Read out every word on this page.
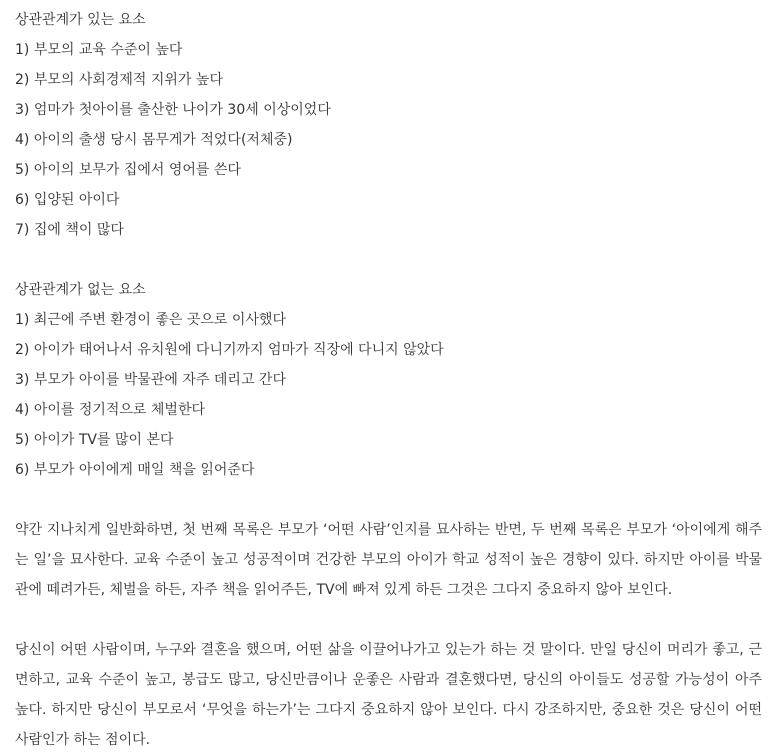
상관관계가 있는 요소
1) 부모의 교육 수준이 높다
2) 부모의 사회경제적 지위가 높다
3) 엄마가 첫아이를 출산한 나이가 30세 이상이었다
4) 아이의 출생 당시 몸무게가 적었다(저체중)
5) 아이의 보무가 집에서 영어를 쓴다
6) 입양된 아이다
7) 집에 책이 많다
상관관계가 없는 요소
1) 최근에 주변 환경이 좋은 곳으로 이사했다
2) 아이가 태어나서 유치원에 다니기까지 엄마가 직장에 다니지 않았다
3) 부모가 아이를 박물관에 자주 데리고 간다
4) 아이를 정기적으로 체벌한다
5) 아이가 TV를 많이 본다
6) 부모가 아이에게 매일 책을 읽어준다

약간 지나치게 일반화하면, 첫 번째 목록은 부모가 ‘어떤 사람’인지를 묘사하는 반면, 두 번째 목록은 부모가 ‘아이에게 해주는 일’을 묘사한다. 교육 수준이 높고 성공적이며 건강한 부모의 아이가 학교 성적이 높은 경향이 있다. 하지만 아이를 박물관에 떼려가든, 체벌을 하든, 자주 책을 읽어주든, TV에 빠져 있게 하든 그것은 그다지 중요하지 않아 보인다.

당신이 어떤 사람이며, 누구와 결혼을 했으며, 어떤 삶을 이끌어나가고 있는가 하는 것 말이다. 만일 당신이 머리가 좋고, 근면하고, 교육 수준이 높고, 봉급도 많고, 당신만큼이나 운좋은 사람과 결혼했다면, 당신의 아이들도 성공할 가능성이 아주 높다. 하지만 당신이 부모로서 ‘무엇을 하는가’는 그다지 중요하지 않아 보인다. 다시 강조하지만, 중요한 것은 당신이 어떤 사람인가 하는 점이다.
